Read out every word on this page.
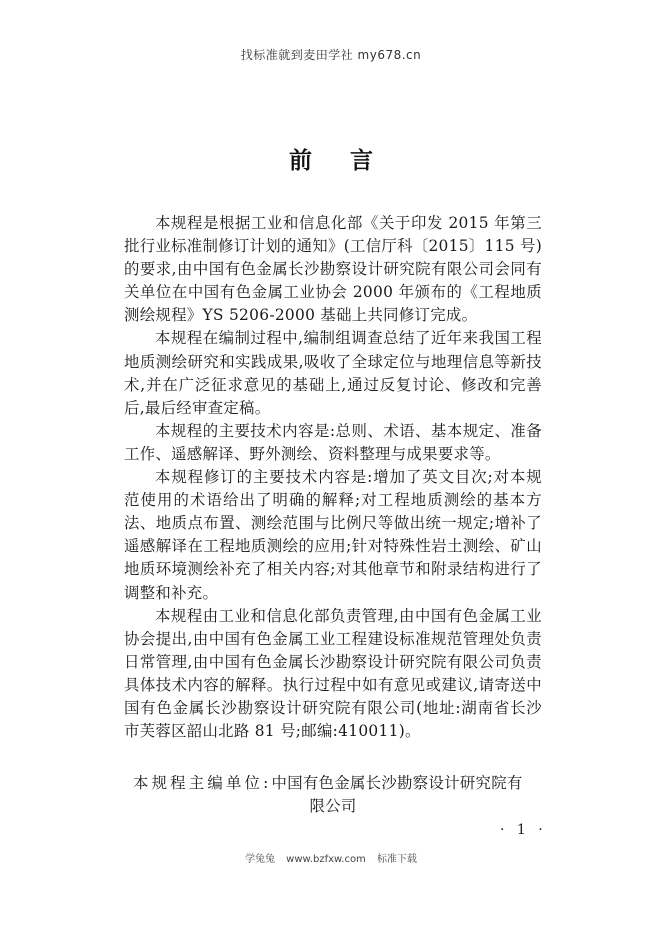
找标准就到麦田学社 my678.cn
前言

本规程是根据工业和信息化部《关于印发 2015 年第三批行业标准制修订计划的通知》(工信厅科〔2015〕115 号)的要求,由中国有色金属长沙勘察设计研究院有限公司会同有关单位在中国有色金属工业协会 2000 年颁布的《工程地质测绘规程》YS 5206-2000 基础上共同修订完成。

本规程在编制过程中,编制组调查总结了近年来我国工程地质测绘研究和实践成果,吸收了全球定位与地理信息等新技术,并在广泛征求意见的基础上,通过反复讨论、修改和完善后,最后经审查定稿。

本规程的主要技术内容是:总则、术语、基本规定、准备工作、遥感解译、野外测绘、资料整理与成果要求等。

本规程修订的主要技术内容是:增加了英文目次;对本规范使用的术语给出了明确的解释;对工程地质测绘的基本方法、地质点布置、测绘范围与比例尺等做出统一规定;增补了遥感解译在工程地质测绘的应用;针对特殊性岩土测绘、矿山地质环境测绘补充了相关内容;对其他章节和附录结构进行了调整和补充。

本规程由工业和信息化部负责管理,由中国有色金属工业协会提出,由中国有色金属工业工程建设标准规范管理处负责日常管理,由中国有色金属长沙勘察设计研究院有限公司负责具体技术内容的解释。执行过程中如有意见或建议,请寄送中国有色金属长沙勘察设计研究院有限公司(地址:湖南省长沙市芙蓉区韶山北路 81 号;邮编:410011)。

本规程主编单位:中国有色金属长沙勘察设计研究院有
限公司
· 1 ·
学兔兔 www.bzfxw.com 标准下载
